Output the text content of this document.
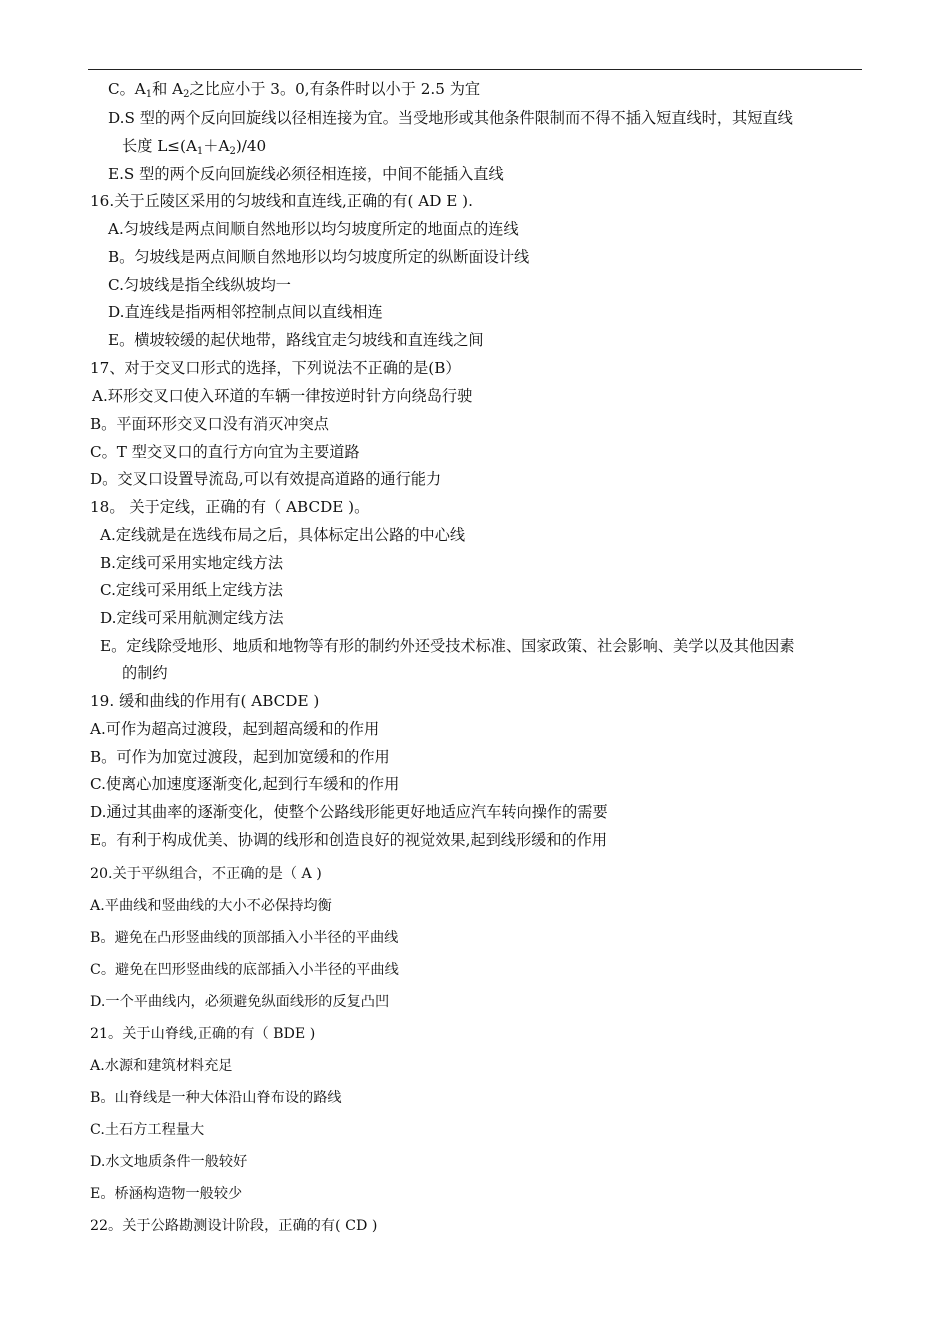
C。$A_1$和 $A_2$之比应小于 3。0,有条件时以小于 2.5 为宜
D.S 型的两个反向回旋线以径相连接为宜。当受地形或其他条件限制而不得不插入短直线时，其短直线
长度 $L\le(A_1+A_2)/40$
E.S 型的两个反向回旋线必须径相连接，中间不能插入直线
16.关于丘陵区采用的匀坡线和直连线,正确的有( AD E ).
A.匀坡线是两点间顺自然地形以均匀坡度所定的地面点的连线
B。匀坡线是两点间顺自然地形以均匀坡度所定的纵断面设计线
C.匀坡线是指全线纵坡均一
D.直连线是指两相邻控制点间以直线相连
E。横坡较缓的起伏地带，路线宜走匀坡线和直连线之间
17、对于交叉口形式的选择，下列说法不正确的是(B）
A.环形交叉口使入环道的车辆一律按逆时针方向绕岛行驶
B。平面环形交叉口没有消灭冲突点
C。T 型交叉口的直行方向宜为主要道路
D。交叉口设置导流岛,可以有效提高道路的通行能力
18。 关于定线，正确的有（ ABCDE )。
A.定线就是在选线布局之后，具体标定出公路的中心线
B.定线可采用实地定线方法
C.定线可采用纸上定线方法
D.定线可采用航测定线方法
E。定线除受地形、地质和地物等有形的制约外还受技术标准、国家政策、社会影响、美学以及其他因素
的制约
19. 缓和曲线的作用有( ABCDE )
A.可作为超高过渡段，起到超高缓和的作用
B。可作为加宽过渡段，起到加宽缓和的作用
C.使离心加速度逐渐变化,起到行车缓和的作用
D.通过其曲率的逐渐变化，使整个公路线形能更好地适应汽车转向操作的需要
E。有利于构成优美、协调的线形和创造良好的视觉效果,起到线形缓和的作用
20.关于平纵组合，不正确的是（ A )
A.平曲线和竖曲线的大小不必保持均衡
B。避免在凸形竖曲线的顶部插入小半径的平曲线
C。避免在凹形竖曲线的底部插入小半径的平曲线
D.一个平曲线内，必须避免纵面线形的反复凸凹
21。关于山脊线,正确的有（ BDE )
A.水源和建筑材料充足
B。山脊线是一种大体沿山脊布设的路线
C.土石方工程量大
D.水文地质条件一般较好
E。桥涵构造物一般较少
22。关于公路勘测设计阶段，正确的有( CD )
